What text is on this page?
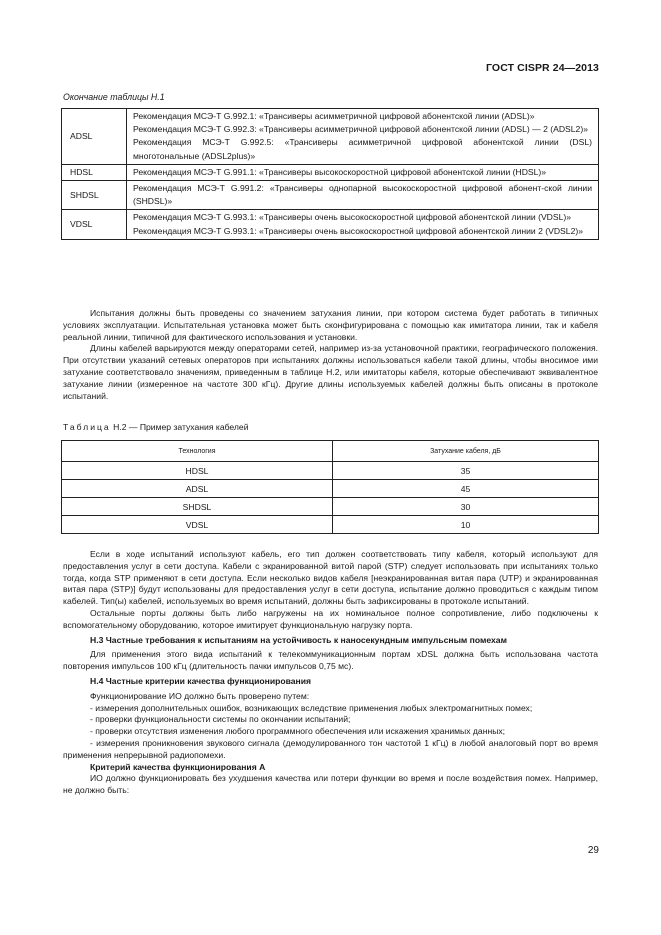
ГОСТ CISPR 24—2013
Окончание таблицы Н.1
ADSL	Рекомендация МСЭ-Т G.992.1: «Трансиверы асимметричной цифровой абонентской линии (ADSL)»
Рекомендация МСЭ-Т G.992.3: «Трансиверы асимметричной цифровой абонентской линии (ADSL) — 2 (ADSL2)»
Рекомендация МСЭ-Т G.992.5: «Трансиверы асимметричной цифровой абонентской линии (DSL) многотональные (ADSL2plus)»

HDSL	Рекомендация МСЭ-Т G.991.1: «Трансиверы высокоскоростной цифровой абонентской линии (HDSL)»

SHDSL	Рекомендация МСЭ-Т G.991.2: «Трансиверы однопарной высокоскоростной цифровой абонент-ской линии (SHDSL)»

VDSL	Рекомендация МСЭ-Т G.993.1: «Трансиверы очень высокоскоростной цифровой абонентской линии (VDSL)»
Рекомендация МСЭ-Т G.993.1: «Трансиверы очень высокоскоростной цифровой абонентской линии 2 (VDSL2)»

Испытания должны быть проведены со значением затухания линии, при котором система будет работать в типичных условиях эксплуатации. Испытательная установка может быть сконфигурирована с помощью как имитатора линии, так и кабеля реальной линии, типичной для фактического использования и установки.

Длины кабелей варьируются между операторами сетей, например из-за установочной практики, географического положения. При отсутствии указаний сетевых операторов при испытаниях должны использоваться кабели такой длины, чтобы вносимое ими затухание соответствовало значениям, приведенным в таблице Н.2, или имитаторы кабеля, которые обеспечивают эквивалентное затухание линии (измеренное на частоте 300 кГц). Другие длины используемых кабелей должны быть описаны в протоколе испытаний.

Таблица Н.2 — Пример затухания кабелей
Технология	Затухание кабеля, дБ
HDSL	35
ADSL	45
SHDSL	30
VDSL	10

Если в ходе испытаний используют кабель, его тип должен соответствовать типу кабеля, который используют для предоставления услуг в сети доступа. Кабели с экранированной витой парой (STP) следует использовать при испытаниях только тогда, когда STP применяют в сети доступа. Если несколько видов кабеля [неэкранированная витая пара (UTP) и экранированная витая пара (STP)] будут использованы для предоставления услуг в сети доступа, испытание должно проводиться с каждым типом кабелей. Тип(ы) кабелей, используемых во время испытаний, должны быть зафиксированы в протоколе испытаний.

Остальные порты должны быть либо нагружены на их номинальное полное сопротивление, либо подключены к вспомогательному оборудованию, которое имитирует функциональную нагрузку порта.

Н.3 Частные требования к испытаниям на устойчивость к наносекундным импульсным помехам

Для применения этого вида испытаний к телекоммуникационным портам xDSL должна быть использована частота повторения импульсов 100 кГц (длительность пачки импульсов 0,75 мс).

Н.4 Частные критерии качества функционирования

Функционирование ИО должно быть проверено путем:

- измерения дополнительных ошибок, возникающих вследствие применения любых электромагнитных помех;

- проверки функциональности системы по окончании испытаний;

- проверки отсутствия изменения любого программного обеспечения или искажения хранимых данных;

- измерения проникновения звукового сигнала (демодулированного тон частотой 1 кГц) в любой аналоговый порт во время применения непрерывной радиопомехи.

Критерий качества функционирования А

ИО должно функционировать без ухудшения качества или потери функции во время и после воздействия помех. Например, не должно быть:

29
